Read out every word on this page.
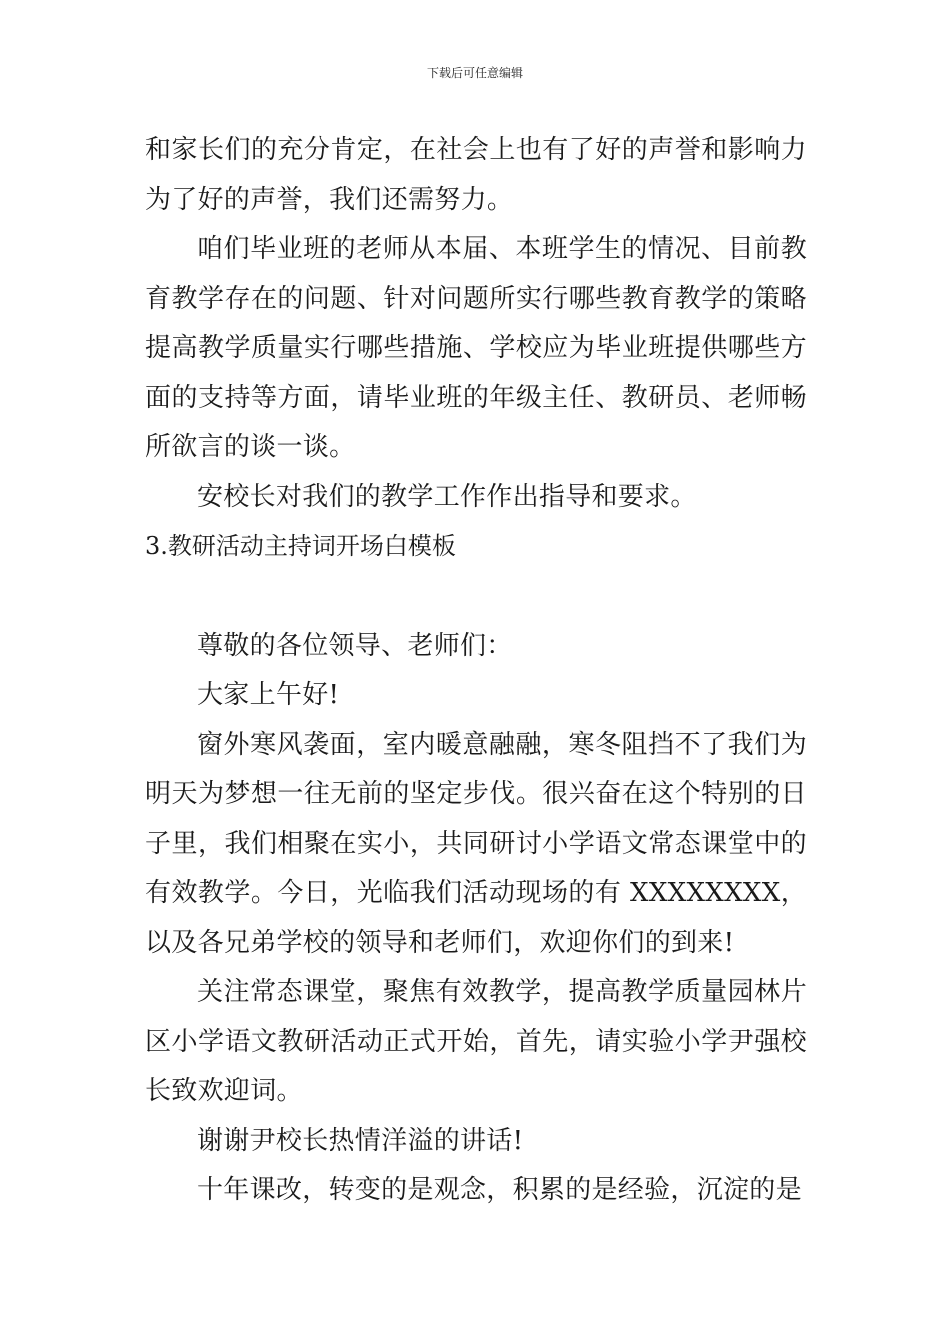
下载后可任意编辑

和家长们的充分肯定，在社会上也有了好的声誉和影响力为了好的声誉，我们还需努力。

咱们毕业班的老师从本届、本班学生的情况、目前教育教学存在的问题、针对问题所实行哪些教育教学的策略提高教学质量实行哪些措施、学校应为毕业班提供哪些方面的支持等方面，请毕业班的年级主任、教研员、老师畅所欲言的谈一谈。

安校长对我们的教学工作作出指导和要求。

3.教研活动主持词开场白模板

尊敬的各位领导、老师们：

大家上午好!

窗外寒风袭面，室内暖意融融，寒冬阻挡不了我们为明天为梦想一往无前的坚定步伐。很兴奋在这个特别的日子里，我们相聚在实小，共同研讨小学语文常态课堂中的有效教学。今日，光临我们活动现场的有 XXXXXXXX，以及各兄弟学校的领导和老师们，欢迎你们的到来!

关注常态课堂，聚焦有效教学，提高教学质量园林片区小学语文教研活动正式开始，首先，请实验小学尹强校长致欢迎词。

谢谢尹校长热情洋溢的讲话!

十年课改，转变的是观念，积累的是经验，沉淀的是
